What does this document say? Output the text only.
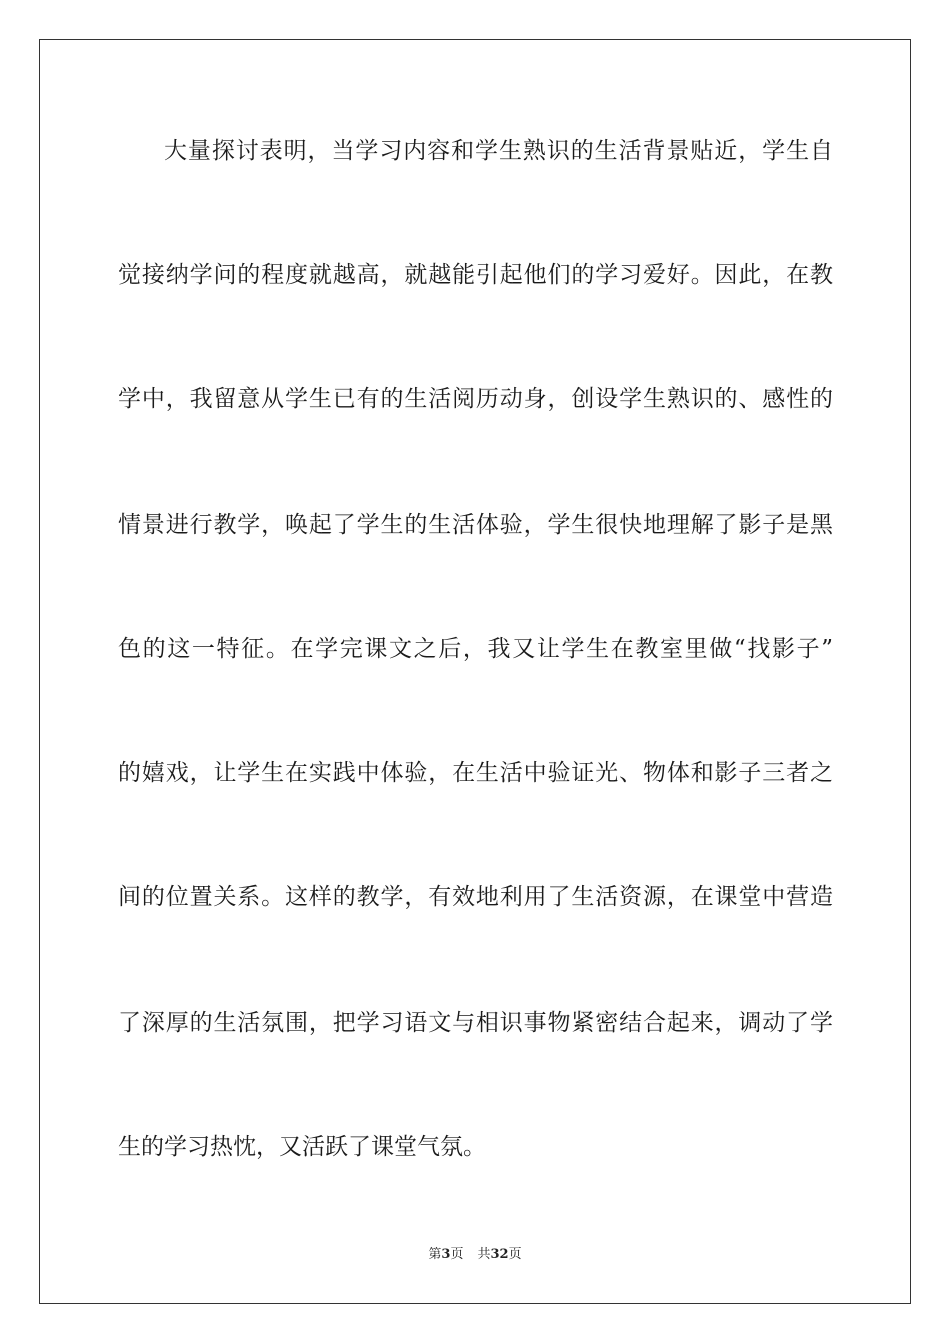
大量探讨表明，当学习内容和学生熟识的生活背景贴近，学生自
觉接纳学问的程度就越高，就越能引起他们的学习爱好。因此，在教
学中，我留意从学生已有的生活阅历动身，创设学生熟识的、感性的
情景进行教学，唤起了学生的生活体验，学生很快地理解了影子是黑
色的这一特征。在学完课文之后，我又让学生在教室里做“找影子”
的嬉戏，让学生在实践中体验，在生活中验证光、物体和影子三者之
间的位置关系。这样的教学，有效地利用了生活资源，在课堂中营造
了深厚的生活氛围，把学习语文与相识事物紧密结合起来，调动了学
生的学习热忱，又活跃了课堂气氛。
第3页 共32页
